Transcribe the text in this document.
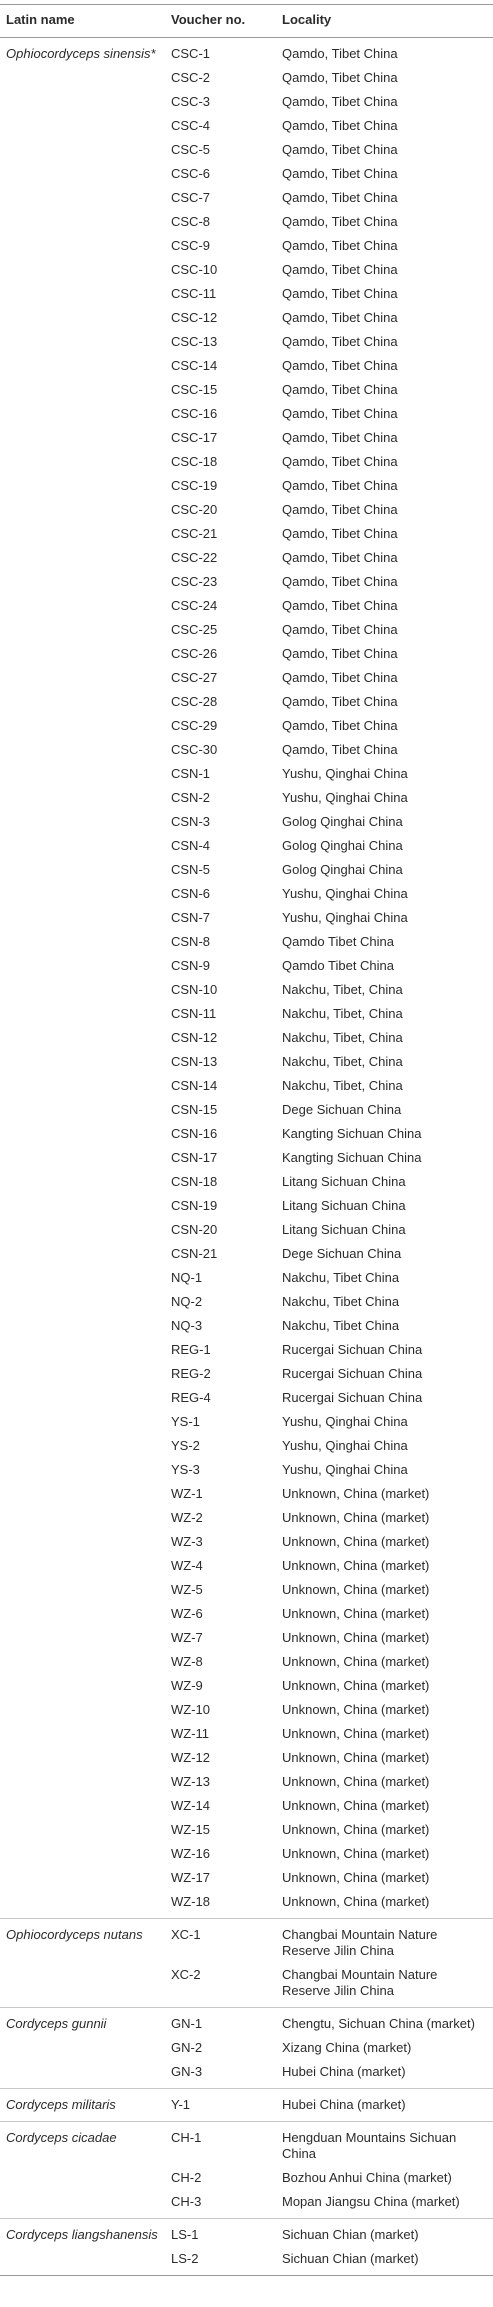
Latin name	Voucher no.	Locality
Ophiocordyceps sinensis*	CSC-1	Qamdo, Tibet China
	CSC-2	Qamdo, Tibet China
	CSC-3	Qamdo, Tibet China
	CSC-4	Qamdo, Tibet China
	CSC-5	Qamdo, Tibet China
	CSC-6	Qamdo, Tibet China
	CSC-7	Qamdo, Tibet China
	CSC-8	Qamdo, Tibet China
	CSC-9	Qamdo, Tibet China
	CSC-10	Qamdo, Tibet China
	CSC-11	Qamdo, Tibet China
	CSC-12	Qamdo, Tibet China
	CSC-13	Qamdo, Tibet China
	CSC-14	Qamdo, Tibet China
	CSC-15	Qamdo, Tibet China
	CSC-16	Qamdo, Tibet China
	CSC-17	Qamdo, Tibet China
	CSC-18	Qamdo, Tibet China
	CSC-19	Qamdo, Tibet China
	CSC-20	Qamdo, Tibet China
	CSC-21	Qamdo, Tibet China
	CSC-22	Qamdo, Tibet China
	CSC-23	Qamdo, Tibet China
	CSC-24	Qamdo, Tibet China
	CSC-25	Qamdo, Tibet China
	CSC-26	Qamdo, Tibet China
	CSC-27	Qamdo, Tibet China
	CSC-28	Qamdo, Tibet China
	CSC-29	Qamdo, Tibet China
	CSC-30	Qamdo, Tibet China
	CSN-1	Yushu, Qinghai China
	CSN-2	Yushu, Qinghai China
	CSN-3	Golog Qinghai China
	CSN-4	Golog Qinghai China
	CSN-5	Golog Qinghai China
	CSN-6	Yushu, Qinghai China
	CSN-7	Yushu, Qinghai China
	CSN-8	Qamdo Tibet China
	CSN-9	Qamdo Tibet China
	CSN-10	Nakchu, Tibet, China
	CSN-11	Nakchu, Tibet, China
	CSN-12	Nakchu, Tibet, China
	CSN-13	Nakchu, Tibet, China
	CSN-14	Nakchu, Tibet, China
	CSN-15	Dege Sichuan China
	CSN-16	Kangting Sichuan China
	CSN-17	Kangting Sichuan China
	CSN-18	Litang Sichuan China
	CSN-19	Litang Sichuan China
	CSN-20	Litang Sichuan China
	CSN-21	Dege Sichuan China
	NQ-1	Nakchu, Tibet China
	NQ-2	Nakchu, Tibet China
	NQ-3	Nakchu, Tibet China
	REG-1	Rucergai Sichuan China
	REG-2	Rucergai Sichuan China
	REG-4	Rucergai Sichuan China
	YS-1	Yushu, Qinghai China
	YS-2	Yushu, Qinghai China
	YS-3	Yushu, Qinghai China
	WZ-1	Unknown, China (market)
	WZ-2	Unknown, China (market)
	WZ-3	Unknown, China (market)
	WZ-4	Unknown, China (market)
	WZ-5	Unknown, China (market)
	WZ-6	Unknown, China (market)
	WZ-7	Unknown, China (market)
	WZ-8	Unknown, China (market)
	WZ-9	Unknown, China (market)
	WZ-10	Unknown, China (market)
	WZ-11	Unknown, China (market)
	WZ-12	Unknown, China (market)
	WZ-13	Unknown, China (market)
	WZ-14	Unknown, China (market)
	WZ-15	Unknown, China (market)
	WZ-16	Unknown, China (market)
	WZ-17	Unknown, China (market)
	WZ-18	Unknown, China (market)
Ophiocordyceps nutans	XC-1	Changbai Mountain Nature Reserve Jilin China
	XC-2	Changbai Mountain Nature Reserve Jilin China
Cordyceps gunnii	GN-1	Chengtu, Sichuan China (market)
	GN-2	Xizang China (market)
	GN-3	Hubei China (market)
Cordyceps militaris	Y-1	Hubei China (market)
Cordyceps cicadae	CH-1	Hengduan Mountains Sichuan China
	CH-2	Bozhou Anhui China (market)
	CH-3	Mopan Jiangsu China (market)
Cordyceps liangshanensis	LS-1	Sichuan Chian (market)
	LS-2	Sichuan Chian (market)
